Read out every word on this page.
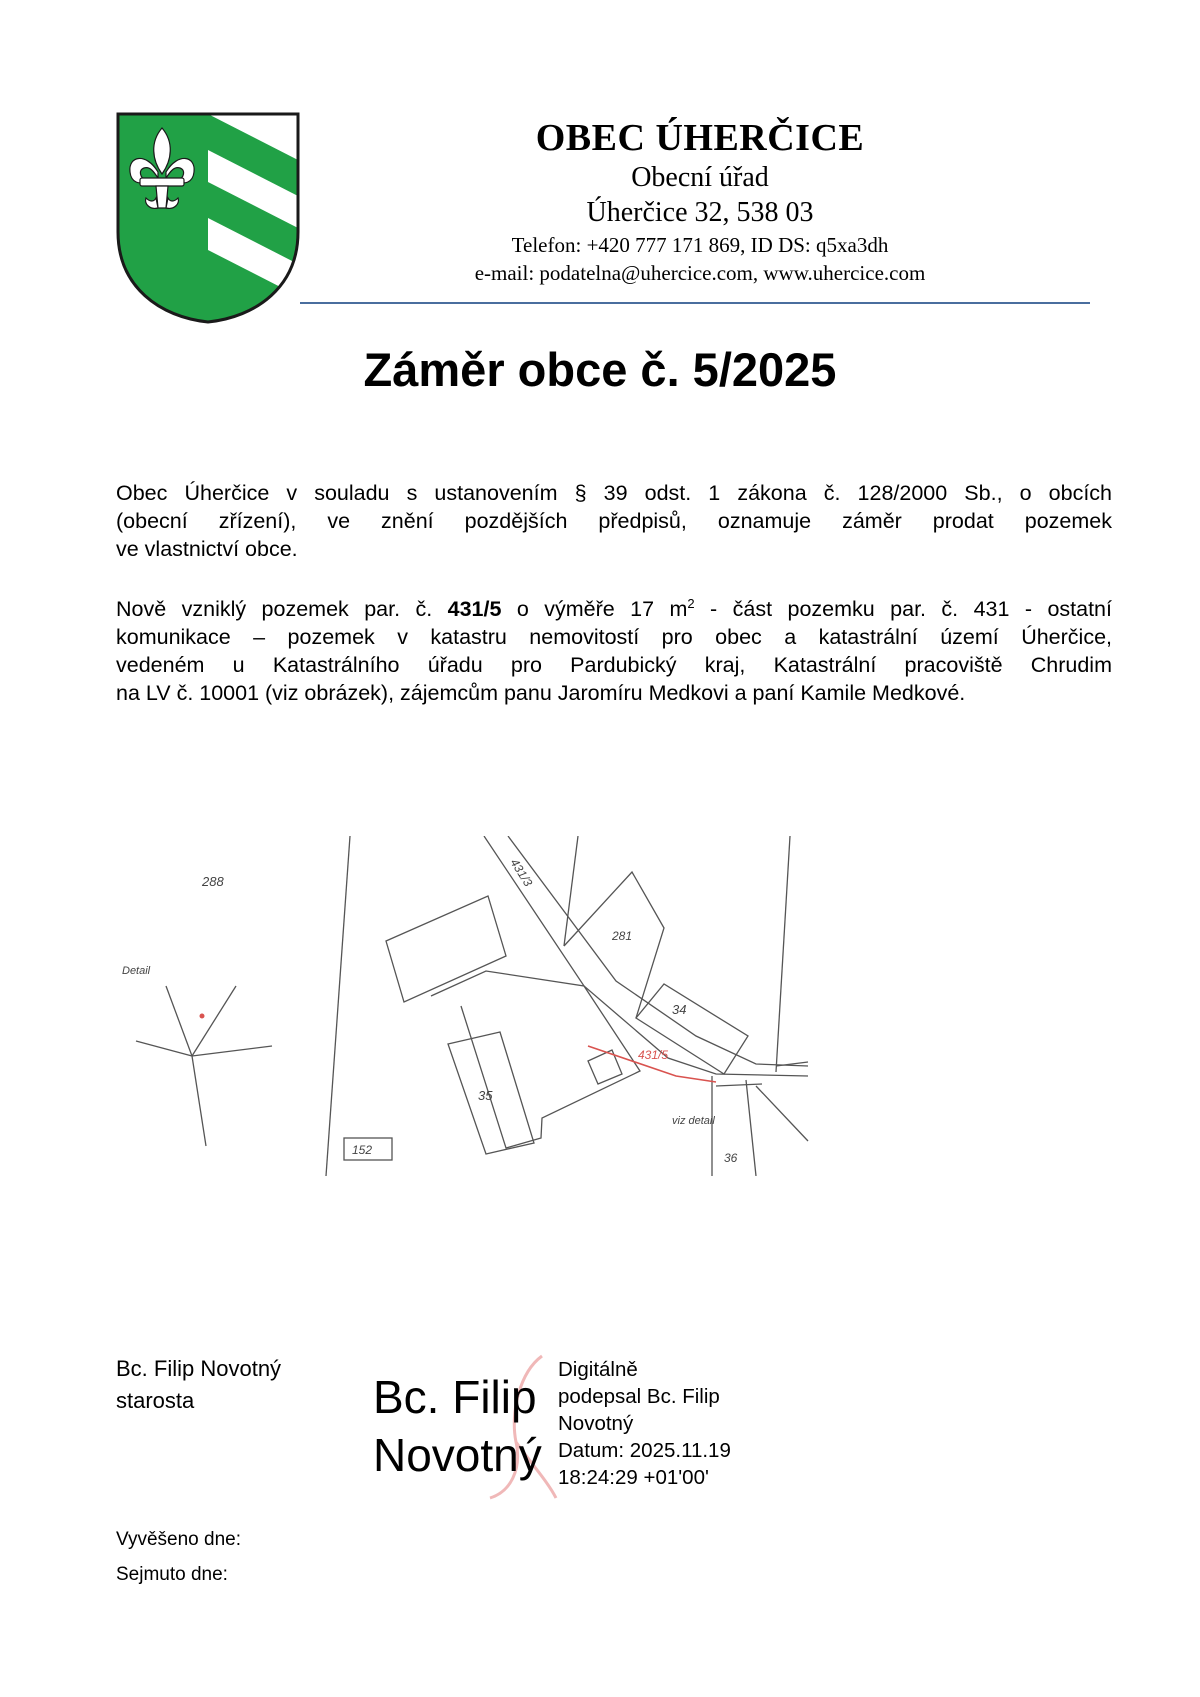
OBEC ÚHERČICE
Obecní úřad
Úherčice 32, 538 03
Telefon: +420 777 171 869, ID DS: q5xa3dh
e-mail: podatelna@uhercice.com, www.uhercice.com
Záměr obce č. 5/2025
Obec Úherčice v souladu s ustanovením § 39 odst. 1 zákona č. 128/2000 Sb., o obcích
(obecní zřízení), ve znění pozdějších předpisů, oznamuje záměr prodat pozemek
ve vlastnictví obce.
Nově vzniklý pozemek par. č. 431/5 o výměře 17 $m^2$ - část pozemku par. č. 431 - ostatní
komunikace – pozemek v katastru nemovitostí pro obec a katastrální území Úherčice,
vedeném u Katastrálního úřadu pro Pardubický kraj, Katastrální pracoviště Chrudim
na LV č. 10001 (viz obrázek), zájemcům panu Jaromíru Medkovi a paní Kamile Medkové.
288
Detail
431/3
281
34
35
431/5
152
36
viz detail
Bc. Filip Novotný
starosta	Bc. Filip
Novotný
Digitálně
podepsal Bc. Filip
Novotný
Datum: 2025.11.19
18:24:29 +01'00'
Vyvěšeno dne:
Sejmuto dne:
